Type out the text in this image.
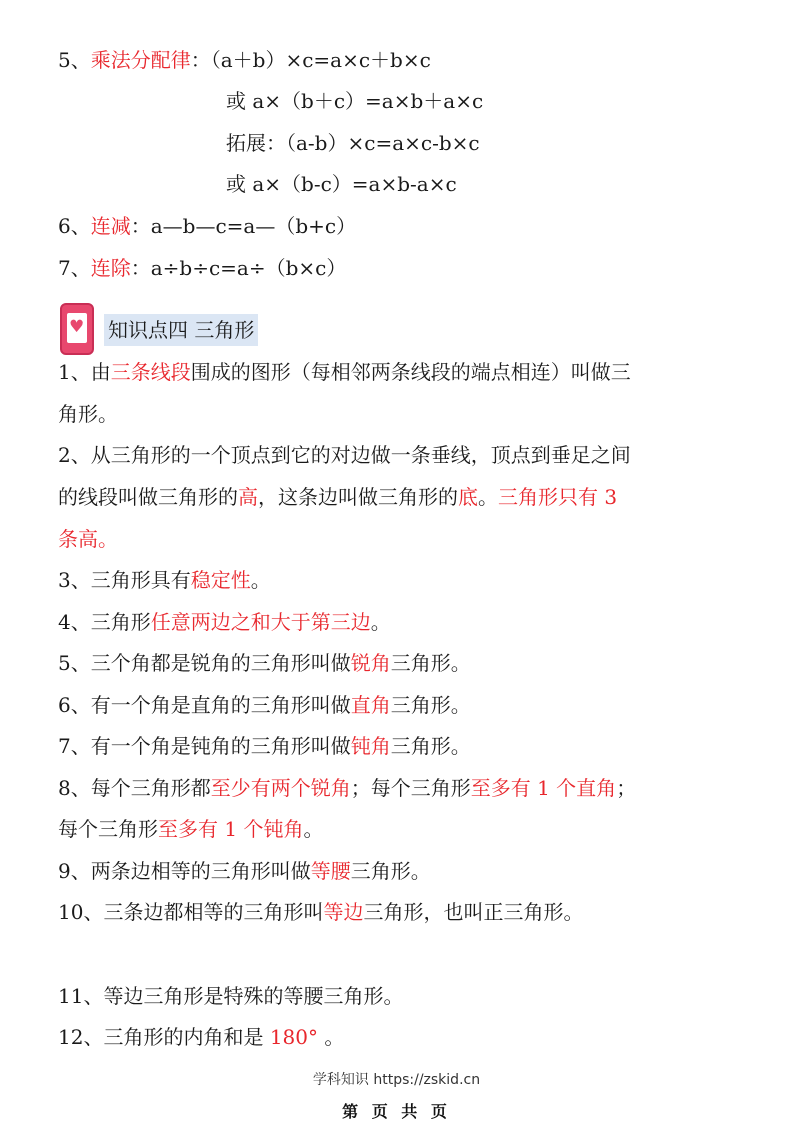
5、乘法分配律：（a＋b）×c=a×c＋b×c
或 a×（b＋c）=a×b＋a×c
拓展：（a-b）×c=a×c-b×c
或 a×（b-c）=a×b-a×c
6、连减：a—b—c=a—（b+c）
7、连除：a÷b÷c=a÷（b×c）
♥ 知识点四 三角形
1、由三条线段围成的图形（每相邻两条线段的端点相连）叫做三
角形。
2、从三角形的一个顶点到它的对边做一条垂线，顶点到垂足之间
的线段叫做三角形的高，这条边叫做三角形的底。三角形只有 3
条高。
3、三角形具有稳定性。
4、三角形任意两边之和大于第三边。
5、三个角都是锐角的三角形叫做锐角三角形。
6、有一个角是直角的三角形叫做直角三角形。
7、有一个角是钝角的三角形叫做钝角三角形。
8、每个三角形都至少有两个锐角；每个三角形至多有 1 个直角；
每个三角形至多有 1 个钝角。
9、两条边相等的三角形叫做等腰三角形。
10、三条边都相等的三角形叫等边三角形，也叫正三角形。
11、等边三角形是特殊的等腰三角形。
12、三角形的内角和是 180° 。
学科知识 https://zskid.cn
第 页 共 页
